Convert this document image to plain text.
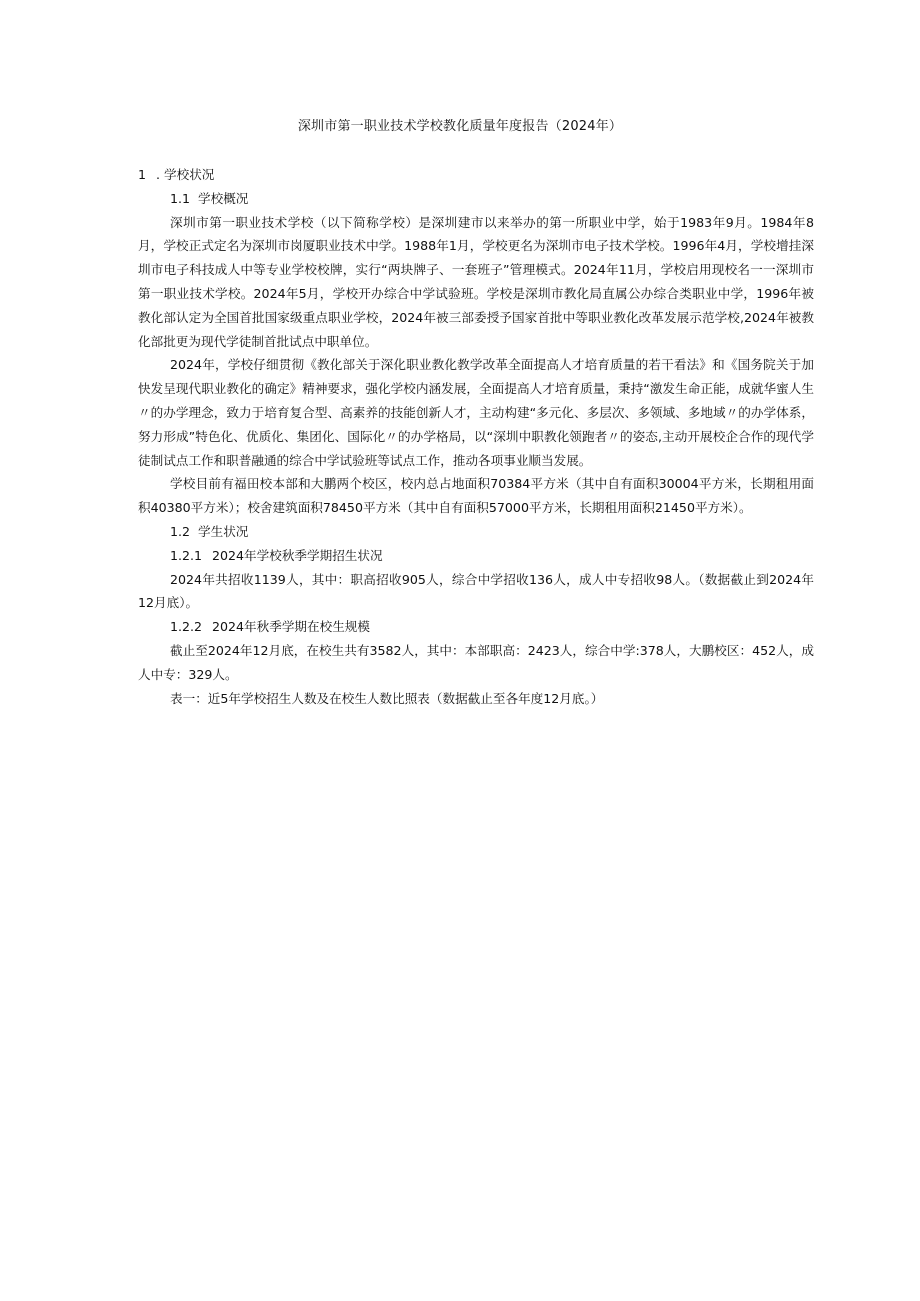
深圳市第一职业技术学校教化质量年度报告（2024年）

1 . 学校状况

1.1 学校概况

深圳市第一职业技术学校（以下简称学校）是深圳建市以来举办的第一所职业中学，始于1983年9月。1984年8月，学校正式定名为深圳市岗厦职业技术中学。1988年1月，学校更名为深圳市电子技术学校。1996年4月，学校增挂深圳市电子科技成人中等专业学校校牌，实行“两块牌子、一套班子”管理模式。2024年11月，学校启用现校名一一深圳市第一职业技术学校。2024年5月，学校开办综合中学试验班。学校是深圳市教化局直属公办综合类职业中学，1996年被教化部认定为全国首批国家级重点职业学校，2024年被三部委授予国家首批中等职业教化改革发展示范学校,2024年被教化部批更为现代学徒制首批试点中职单位。

2024年，学校仔细贯彻《教化部关于深化职业教化教学改革全面提高人才培育质量的若干看法》和《国务院关于加快发呈现代职业教化的确定》精神要求，强化学校内涵发展，全面提高人才培育质量，秉持“激发生命正能，成就华蜜人生〃的办学理念，致力于培育复合型、高素养的技能创新人才，主动构建“多元化、多层次、多领域、多地域〃的办学体系，努力形成”特色化、优质化、集团化、国际化〃的办学格局，以“深圳中职教化领跑者〃的姿态,主动开展校企合作的现代学徒制试点工作和职普融通的综合中学试验班等试点工作，推动各项事业顺当发展。

学校目前有福田校本部和大鹏两个校区，校内总占地面积70384平方米（其中自有面积30004平方米，长期租用面积40380平方米）；校舍建筑面积78450平方米（其中自有面积57000平方米，长期租用面积21450平方米）。

1.2 学生状况

1.2.1 2024年学校秋季学期招生状况

2024年共招收1139人，其中：职高招收905人，综合中学招收136人，成人中专招收98人。（数据截止到2024年12月底）。

1.2.2 2024年秋季学期在校生规模

截止至2024年12月底，在校生共有3582人，其中：本部职高：2423人，综合中学:378人，大鹏校区：452人，成人中专：329人。

表一：近5年学校招生人数及在校生人数比照表（数据截止至各年度12月底。）
